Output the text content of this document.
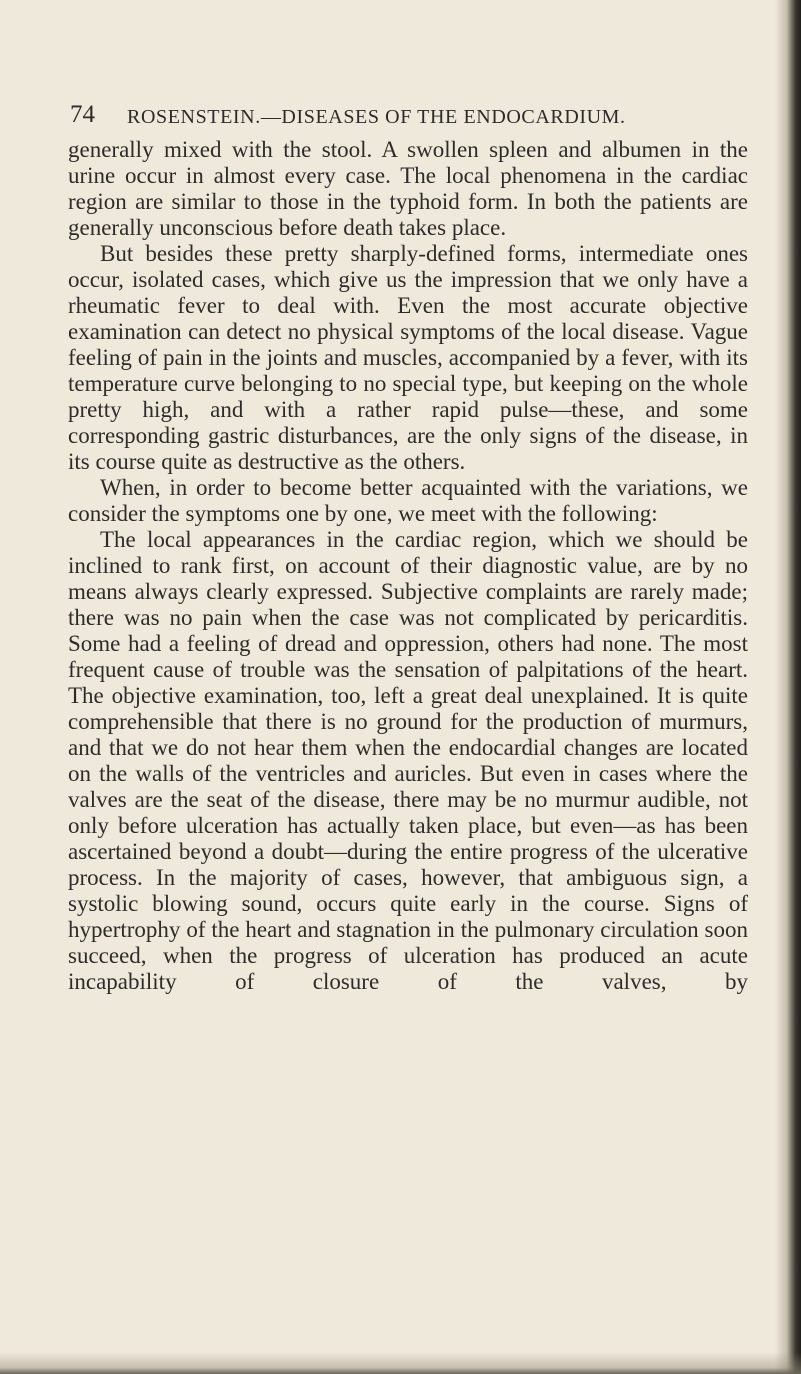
74 ROSENSTEIN.—DISEASES OF THE ENDOCARDIUM.

generally mixed with the stool. A swollen spleen and albumen in the urine occur in almost every case. The local phenomena in the cardiac region are similar to those in the typhoid form. In both the patients are generally unconscious before death takes place.

But besides these pretty sharply-defined forms, intermediate ones occur, isolated cases, which give us the impression that we only have a rheumatic fever to deal with. Even the most accurate objective examination can detect no physical symptoms of the local disease. Vague feeling of pain in the joints and muscles, accompanied by a fever, with its temperature curve belonging to no special type, but keeping on the whole pretty high, and with a rather rapid pulse—these, and some corresponding gastric disturbances, are the only signs of the disease, in its course quite as destructive as the others.

When, in order to become better acquainted with the variations, we consider the symptoms one by one, we meet with the following:

The local appearances in the cardiac region, which we should be inclined to rank first, on account of their diagnostic value, are by no means always clearly expressed. Subjective complaints are rarely made; there was no pain when the case was not complicated by pericarditis. Some had a feeling of dread and oppression, others had none. The most frequent cause of trouble was the sensation of palpitations of the heart. The objective examination, too, left a great deal unexplained. It is quite comprehensible that there is no ground for the production of murmurs, and that we do not hear them when the endocardial changes are located on the walls of the ventricles and auricles. But even in cases where the valves are the seat of the disease, there may be no murmur audible, not only before ulceration has actually taken place, but even—as has been ascertained beyond a doubt—during the entire progress of the ulcerative process. In the majority of cases, however, that ambiguous sign, a systolic blowing sound, occurs quite early in the course. Signs of hypertrophy of the heart and stagnation in the pulmonary circulation soon succeed, when the progress of ulceration has produced an acute incapability of closure of the valves, by
